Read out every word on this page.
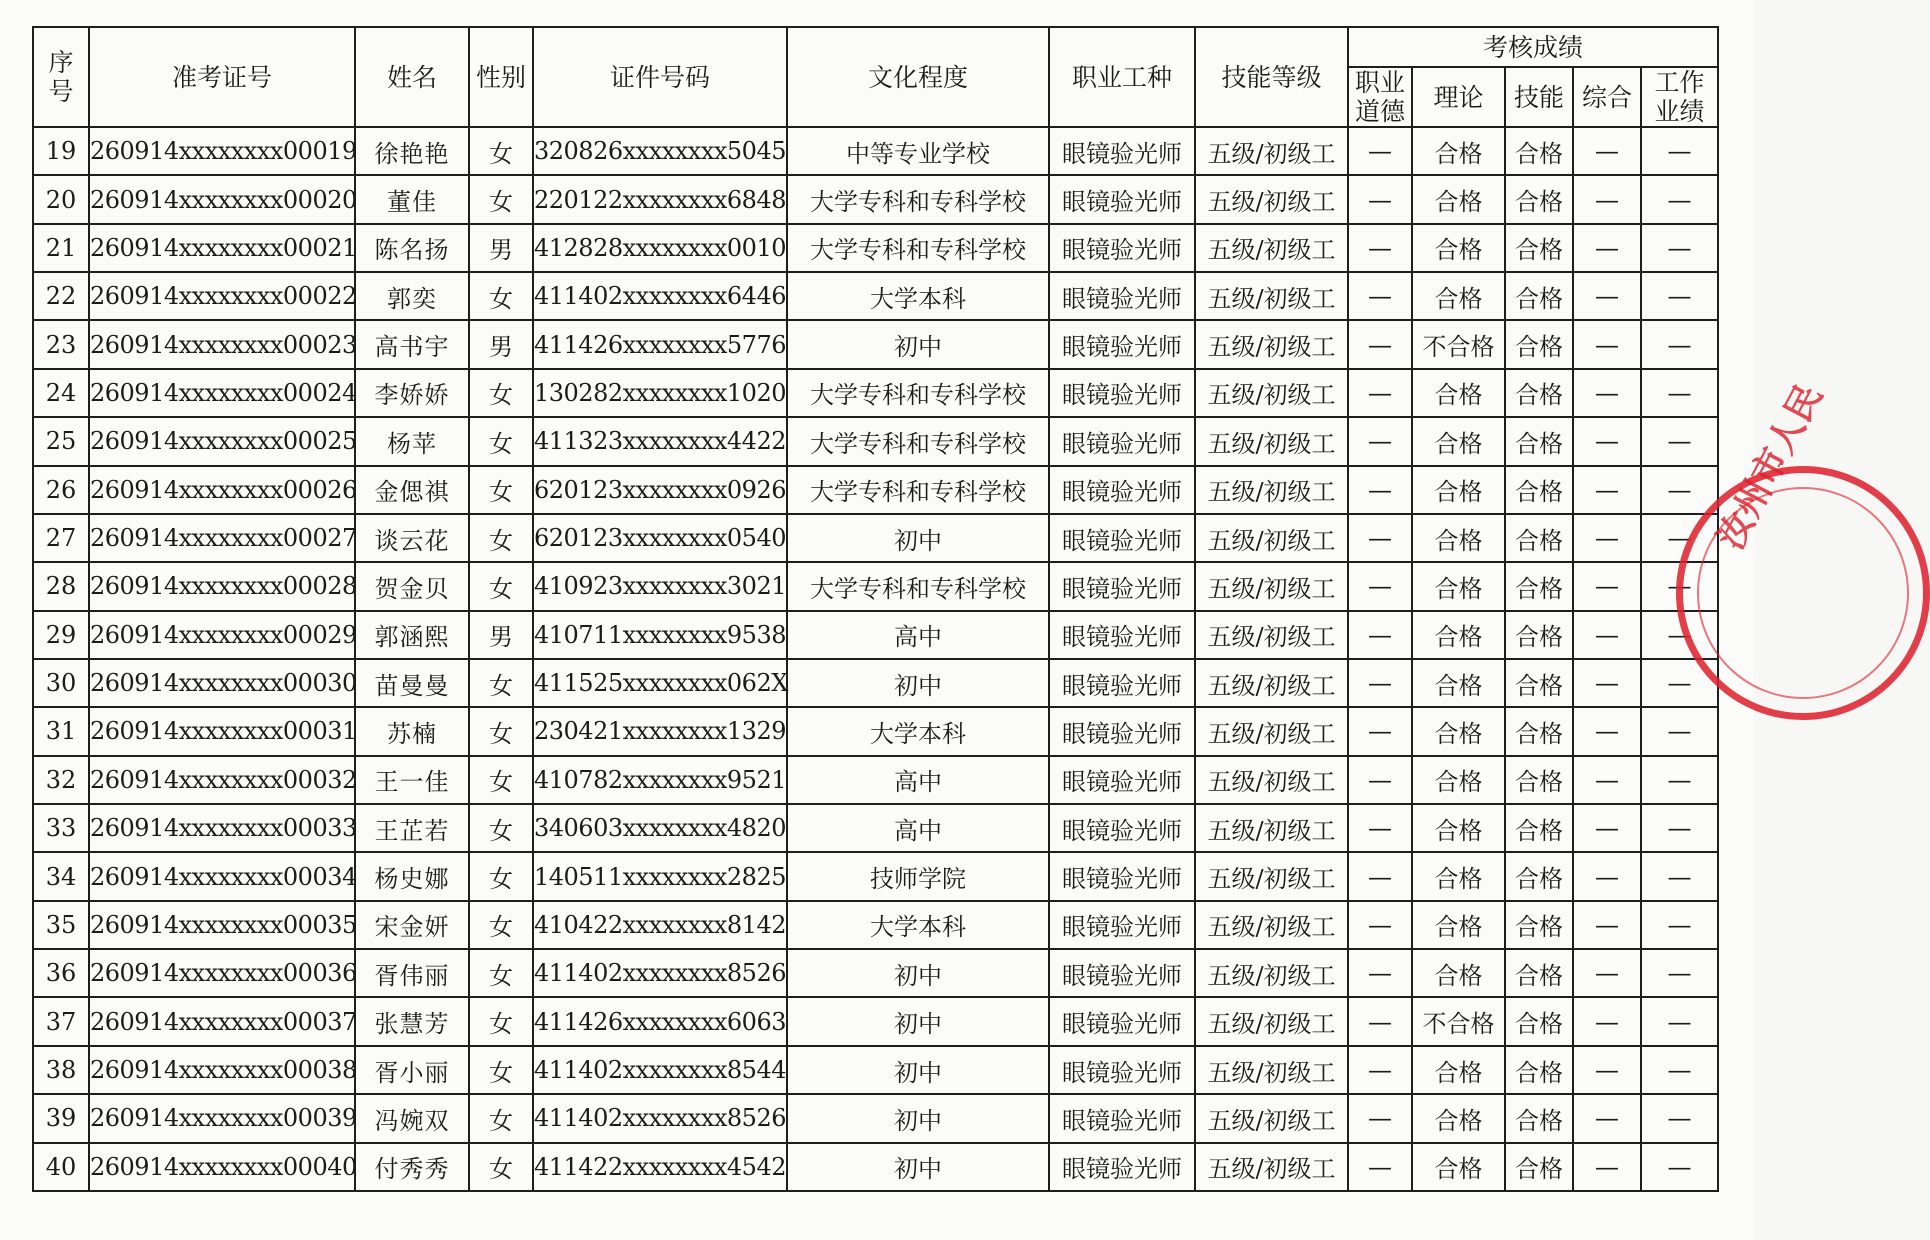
序号	准考证号	姓名	性别	证件号码	文化程度	职业工种	技能等级	考核成绩				
								职业道德	理论	技能	综合	工作业绩
19	260914xxxxxxxx00019	徐艳艳	女	320826xxxxxxxx5045	中等专业学校	眼镜验光师	五级/初级工	—	合格	合格	—	—
20	260914xxxxxxxx00020	董佳	女	220122xxxxxxxx6848	大学专科和专科学校	眼镜验光师	五级/初级工	—	合格	合格	—	—
21	260914xxxxxxxx00021	陈名扬	男	412828xxxxxxxx0010	大学专科和专科学校	眼镜验光师	五级/初级工	—	合格	合格	—	—
22	260914xxxxxxxx00022	郭奕	女	411402xxxxxxxx6446	大学本科	眼镜验光师	五级/初级工	—	合格	合格	—	—
23	260914xxxxxxxx00023	高书宇	男	411426xxxxxxxx5776	初中	眼镜验光师	五级/初级工	—	不合格	合格	—	—
24	260914xxxxxxxx00024	李娇娇	女	130282xxxxxxxx1020	大学专科和专科学校	眼镜验光师	五级/初级工	—	合格	合格	—	—
25	260914xxxxxxxx00025	杨苹	女	411323xxxxxxxx4422	大学专科和专科学校	眼镜验光师	五级/初级工	—	合格	合格	—	—
26	260914xxxxxxxx00026	金偲祺	女	620123xxxxxxxx0926	大学专科和专科学校	眼镜验光师	五级/初级工	—	合格	合格	—	—
27	260914xxxxxxxx00027	谈云花	女	620123xxxxxxxx0540	初中	眼镜验光师	五级/初级工	—	合格	合格	—	—
28	260914xxxxxxxx00028	贺金贝	女	410923xxxxxxxx3021	大学专科和专科学校	眼镜验光师	五级/初级工	—	合格	合格	—	—
29	260914xxxxxxxx00029	郭涵熙	男	410711xxxxxxxx9538	高中	眼镜验光师	五级/初级工	—	合格	合格	—	—
30	260914xxxxxxxx00030	苗曼曼	女	411525xxxxxxxx062X	初中	眼镜验光师	五级/初级工	—	合格	合格	—	—
31	260914xxxxxxxx00031	苏楠	女	230421xxxxxxxx1329	大学本科	眼镜验光师	五级/初级工	—	合格	合格	—	—
32	260914xxxxxxxx00032	王一佳	女	410782xxxxxxxx9521	高中	眼镜验光师	五级/初级工	—	合格	合格	—	—
33	260914xxxxxxxx00033	王芷若	女	340603xxxxxxxx4820	高中	眼镜验光师	五级/初级工	—	合格	合格	—	—
34	260914xxxxxxxx00034	杨史娜	女	140511xxxxxxxx2825	技师学院	眼镜验光师	五级/初级工	—	合格	合格	—	—
35	260914xxxxxxxx00035	宋金妍	女	410422xxxxxxxx8142	大学本科	眼镜验光师	五级/初级工	—	合格	合格	—	—
36	260914xxxxxxxx00036	胥伟丽	女	411402xxxxxxxx8526	初中	眼镜验光师	五级/初级工	—	合格	合格	—	—
37	260914xxxxxxxx00037	张慧芳	女	411426xxxxxxxx6063	初中	眼镜验光师	五级/初级工	—	不合格	合格	—	—
38	260914xxxxxxxx00038	胥小丽	女	411402xxxxxxxx8544	初中	眼镜验光师	五级/初级工	—	合格	合格	—	—
39	260914xxxxxxxx00039	冯婉双	女	411402xxxxxxxx8526	初中	眼镜验光师	五级/初级工	—	合格	合格	—	—
40	260914xxxxxxxx00040	付秀秀	女	411422xxxxxxxx4542	初中	眼镜验光师	五级/初级工	—	合格	合格	—	—
汝州市人民
